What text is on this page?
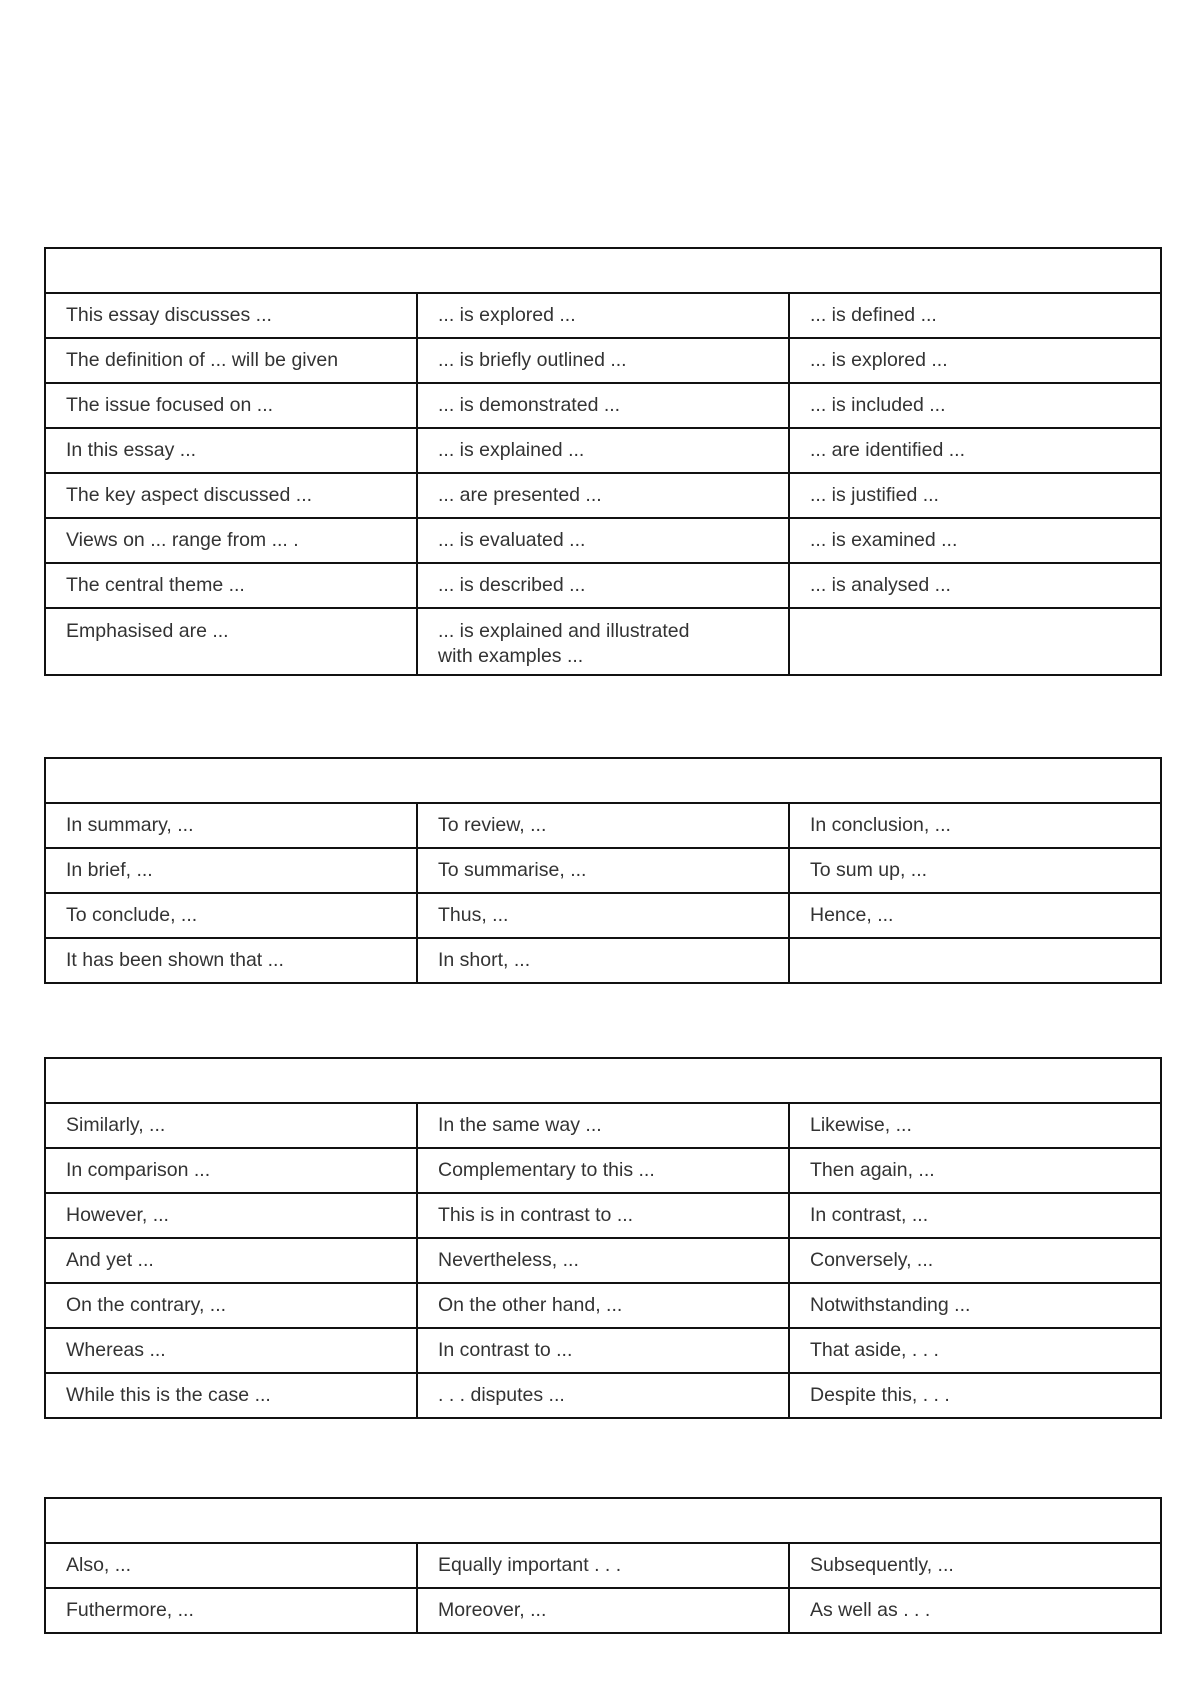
This essay discusses ...	... is explored ...	... is defined ...
The definition of ... will be given	... is briefly outlined ...	... is explored ...
The issue focused on ...	... is demonstrated ...	... is included ...
In this essay ...	... is explained ...	... are identified ...
The key aspect discussed ...	... are presented ...	... is justified ...
Views on ... range from ... .	... is evaluated ...	... is examined ...
The central theme ...	... is described ...	... is analysed ...
Emphasised are ...	... is explained and illustrated
with examples ...	

In summary, ...	To review, ...	In conclusion, ...
In brief, ...	To summarise, ...	To sum up, ...
To conclude, ...	Thus, ...	Hence, ...
It has been shown that ...	In short, ...	

Similarly, ...	In the same way ...	Likewise, ...
In comparison ...	Complementary to this ...	Then again, ...
However, ...	This is in contrast to ...	In contrast, ...
And yet ...	Nevertheless, ...	Conversely, ...
On the contrary, ...	On the other hand, ...	Notwithstanding ...
Whereas ...	In contrast to ...	That aside, . . .
While this is the case ...	. . . disputes ...	Despite this, . . .

Also, ...	Equally important . . .	Subsequently, ...
Futhermore, ...	Moreover, ...	As well as . . .
